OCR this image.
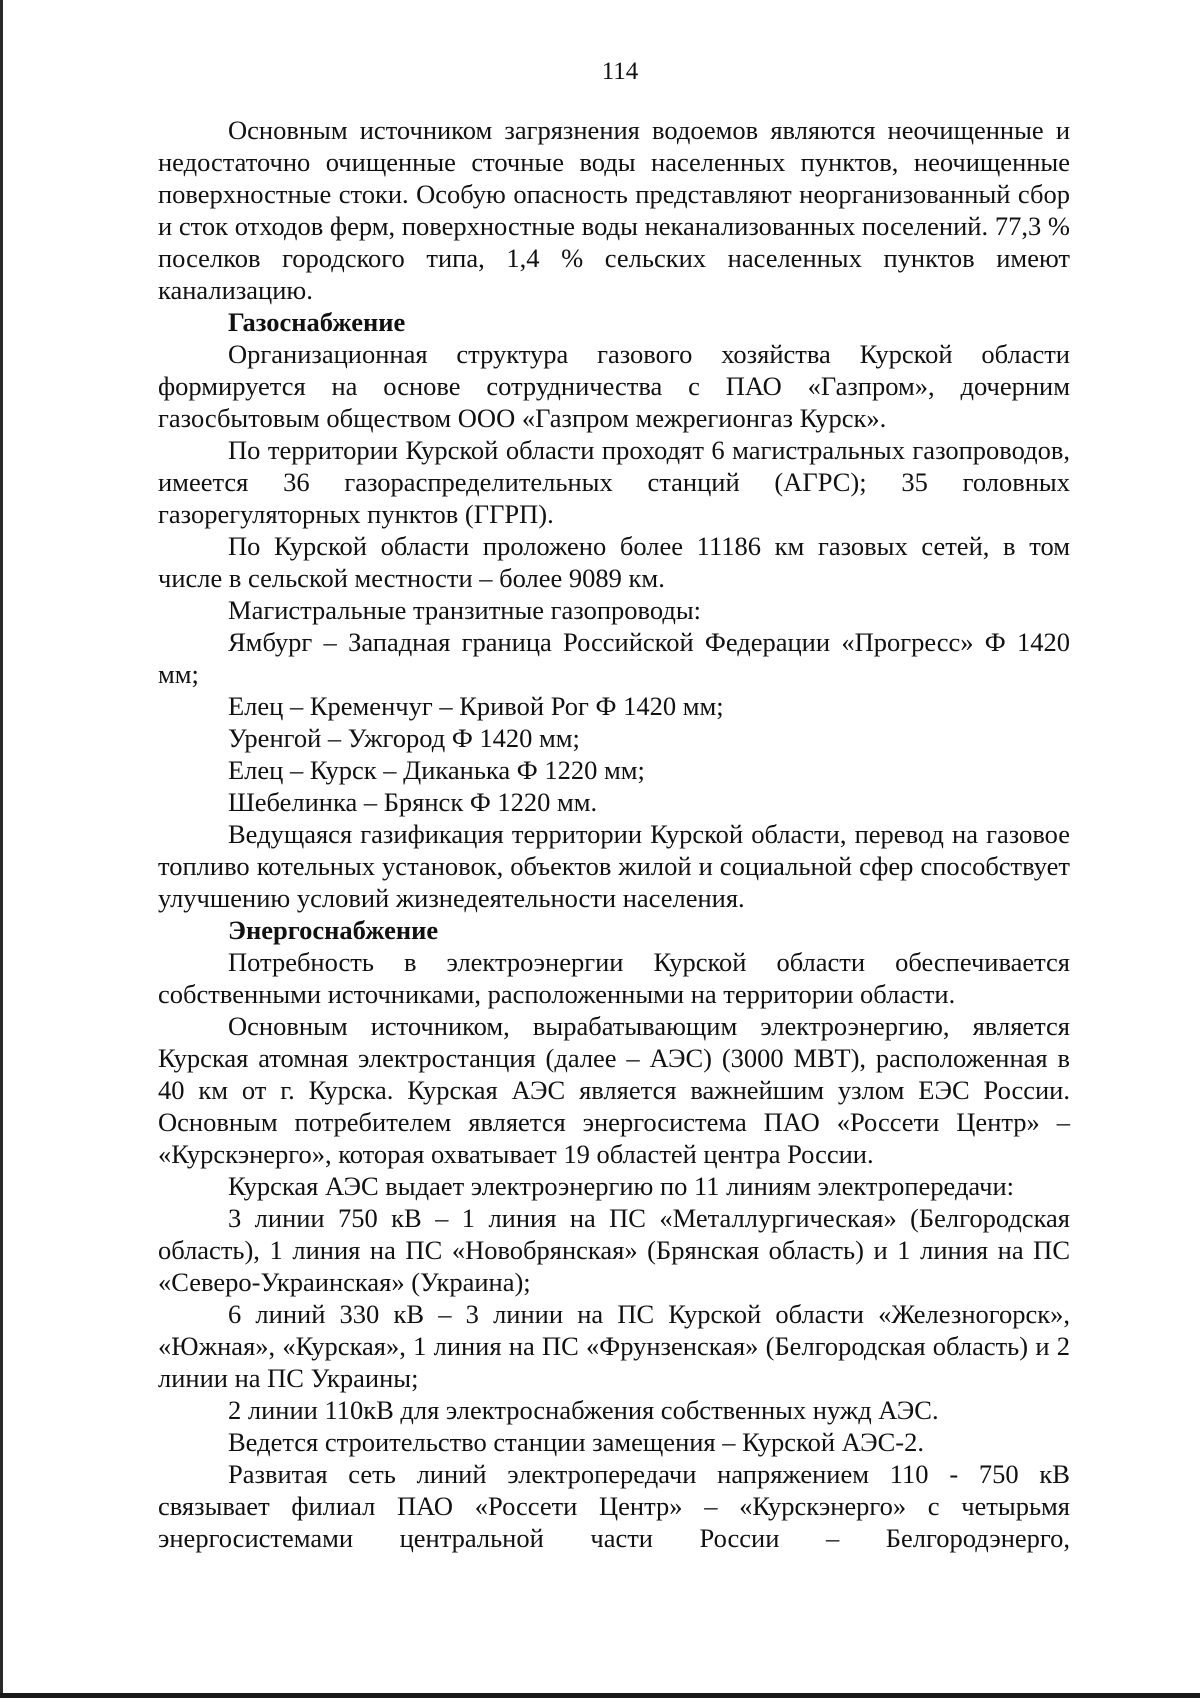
114

Основным источником загрязнения водоемов являются неочищенные и недостаточно очищенные сточные воды населенных пунктов, неочищенные поверхностные стоки. Особую опасность представляют неорганизованный сбор и сток отходов ферм, поверхностные воды неканализованных поселений. 77,3 % поселков городского типа, 1,4 % сельских населенных пунктов имеют канализацию.

Газоснабжение

Организационная структура газового хозяйства Курской области формируется на основе сотрудничества с ПАО «Газпром», дочерним газосбытовым обществом ООО «Газпром межрегионгаз Курск».

По территории Курской области проходят 6 магистральных газопроводов, имеется 36 газораспределительных станций (АГРС); 35 головных газорегуляторных пунктов (ГГРП).

По Курской области проложено более 11186 км газовых сетей, в том числе в сельской местности – более 9089 км.

Магистральные транзитные газопроводы:

Ямбург – Западная граница Российской Федерации «Прогресс» Ф 1420 мм;

Елец – Кременчуг – Кривой Рог Ф 1420 мм;

Уренгой – Ужгород Ф 1420 мм;

Елец – Курск – Диканька Ф 1220 мм;

Шебелинка – Брянск Ф 1220 мм.

Ведущаяся газификация территории Курской области, перевод на газовое топливо котельных установок, объектов жилой и социальной сфер способствует улучшению условий жизнедеятельности населения.

Энергоснабжение

Потребность в электроэнергии Курской области обеспечивается собственными источниками, расположенными на территории области.

Основным источником, вырабатывающим электроэнергию, является Курская атомная электростанция (далее – АЭС) (3000 МВТ), расположенная в 40 км от г. Курска. Курская АЭС является важнейшим узлом ЕЭС России. Основным потребителем является энергосистема ПАО «Россети Центр» – «Курскэнерго», которая охватывает 19 областей центра России.

Курская АЭС выдает электроэнергию по 11 линиям электропередачи:

3 линии 750 кВ – 1 линия на ПС «Металлургическая» (Белгородская область), 1 линия на ПС «Новобрянская» (Брянская область) и 1 линия на ПС «Северо-Украинская» (Украина);

6 линий 330 кВ – 3 линии на ПС Курской области «Железногорск», «Южная», «Курская», 1 линия на ПС «Фрунзенская» (Белгородская область) и 2 линии на ПС Украины;

2 линии 110кВ для электроснабжения собственных нужд АЭС.

Ведется строительство станции замещения – Курской АЭС-2.

Развитая сеть линий электропередачи напряжением 110 - 750 кВ связывает филиал ПАО «Россети Центр» – «Курскэнерго» с четырьмя энергосистемами центральной части России – Белгородэнерго,
